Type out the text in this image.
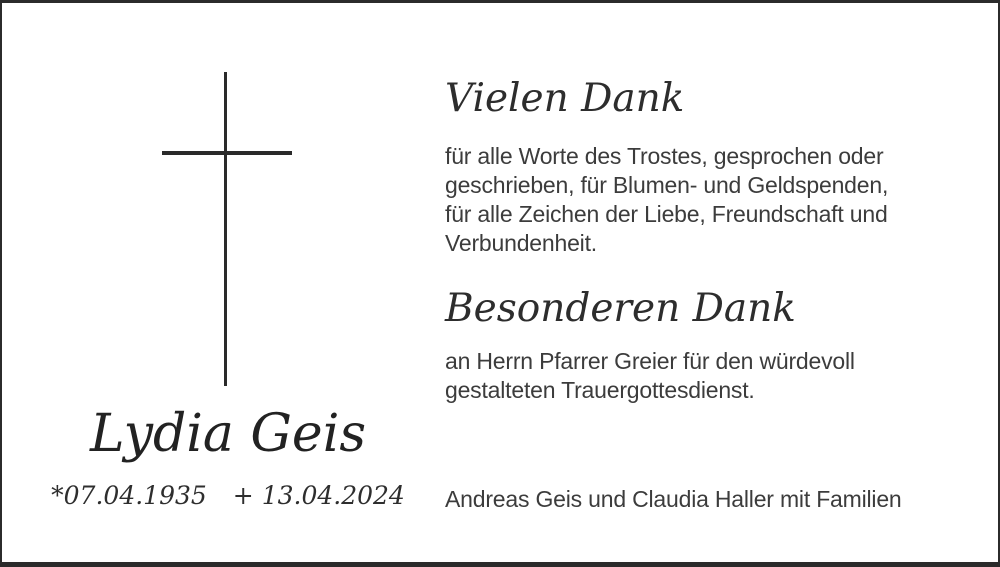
Vielen Dank
für alle Worte des Trostes, gesprochen oder
geschrieben, für Blumen- und Geldspenden,
für alle Zeichen der Liebe, Freundschaft und
Verbundenheit.
Besonderen Dank
an Herrn Pfarrer Greier für den würdevoll
gestalteten Trauergottesdienst.
Lydia Geis
*07.04.1935 + 13.04.2024	Andreas Geis und Claudia Haller mit Familien
